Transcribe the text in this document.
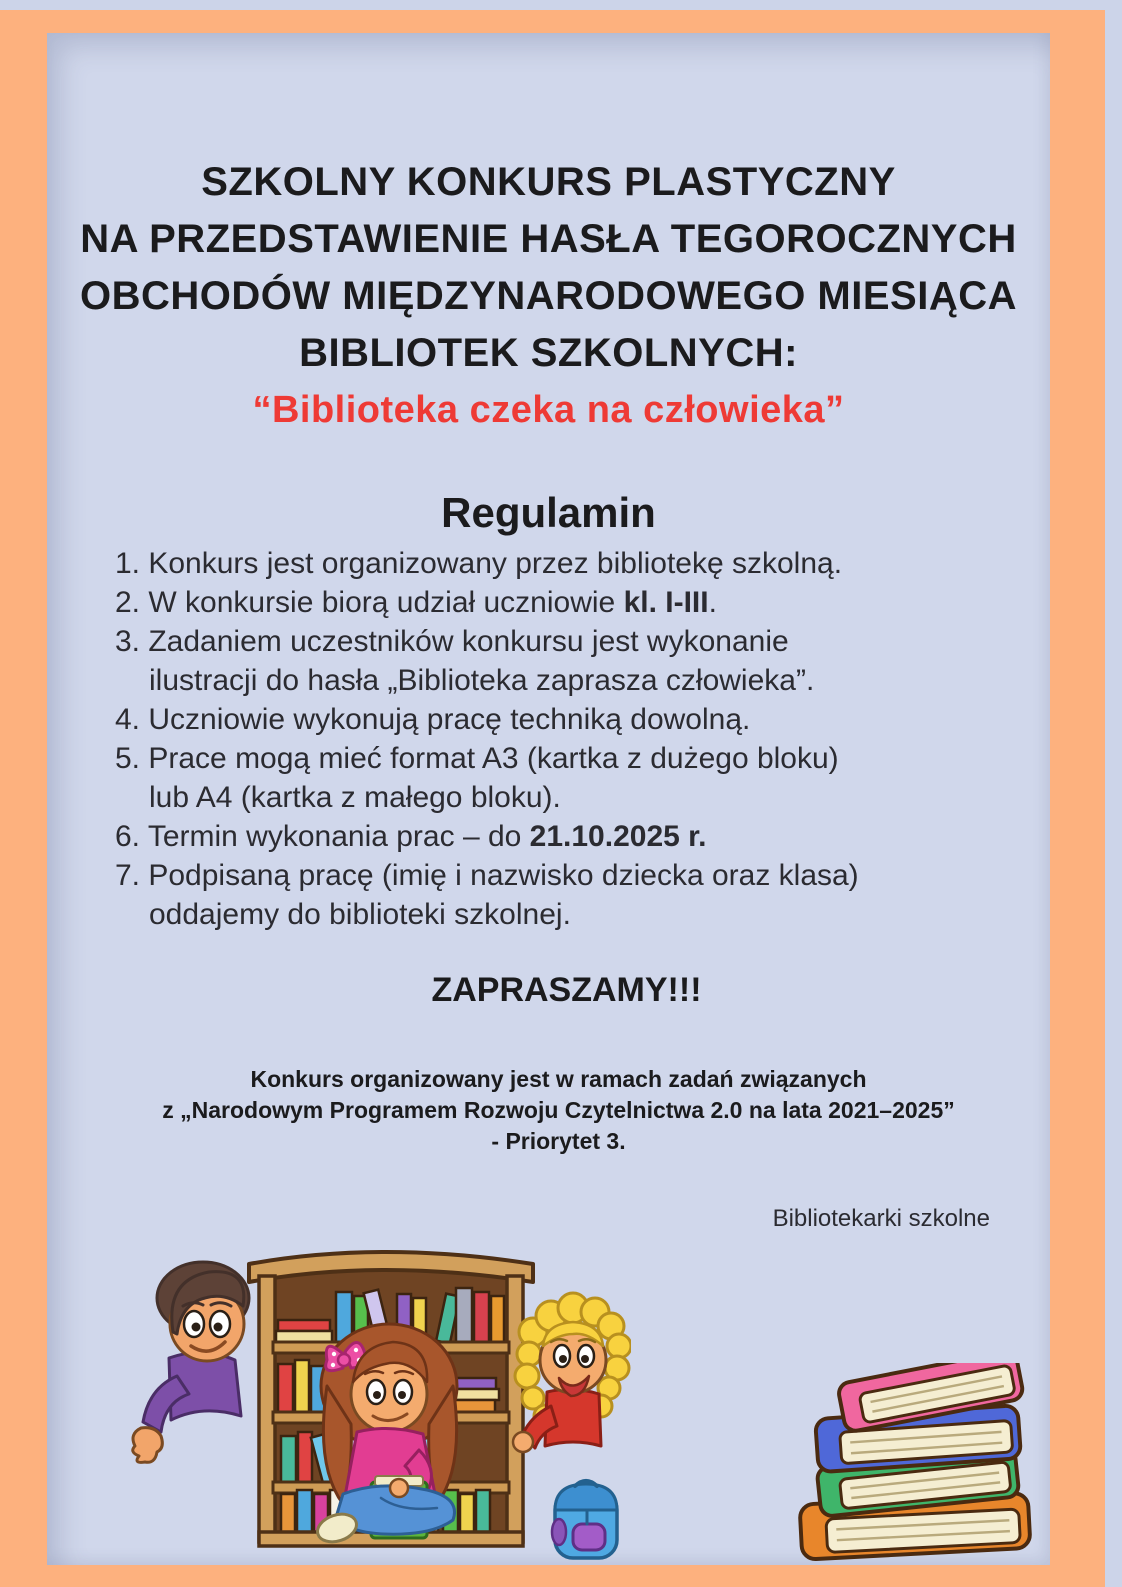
SZKOLNY KONKURS PLASTYCZNY
NA PRZEDSTAWIENIE HASŁA TEGOROCZNYCH
OBCHODÓW MIĘDZYNARODOWEGO MIESIĄCA
BIBLIOTEK SZKOLNYCH:
“Biblioteka czeka na człowieka”
Regulamin
1. Konkurs jest organizowany przez bibliotekę szkolną.
2. W konkursie biorą udział uczniowie kl. I-III.
3. Zadaniem uczestników konkursu jest wykonanie
ilustracji do hasła „Biblioteka zaprasza człowieka”.
4. Uczniowie wykonują pracę techniką dowolną.
5. Prace mogą mieć format A3 (kartka z dużego bloku)
lub A4 (kartka z małego bloku).
6. Termin wykonania prac – do 21.10.2025 r.
7. Podpisaną pracę (imię i nazwisko dziecka oraz klasa)
oddajemy do biblioteki szkolnej.
ZAPRASZAMY!!!
Konkurs organizowany jest w ramach zadań związanych
z „Narodowym Programem Rozwoju Czytelnictwa 2.0 na lata 2021–2025”
- Priorytet 3.
Bibliotekarki szkolne
